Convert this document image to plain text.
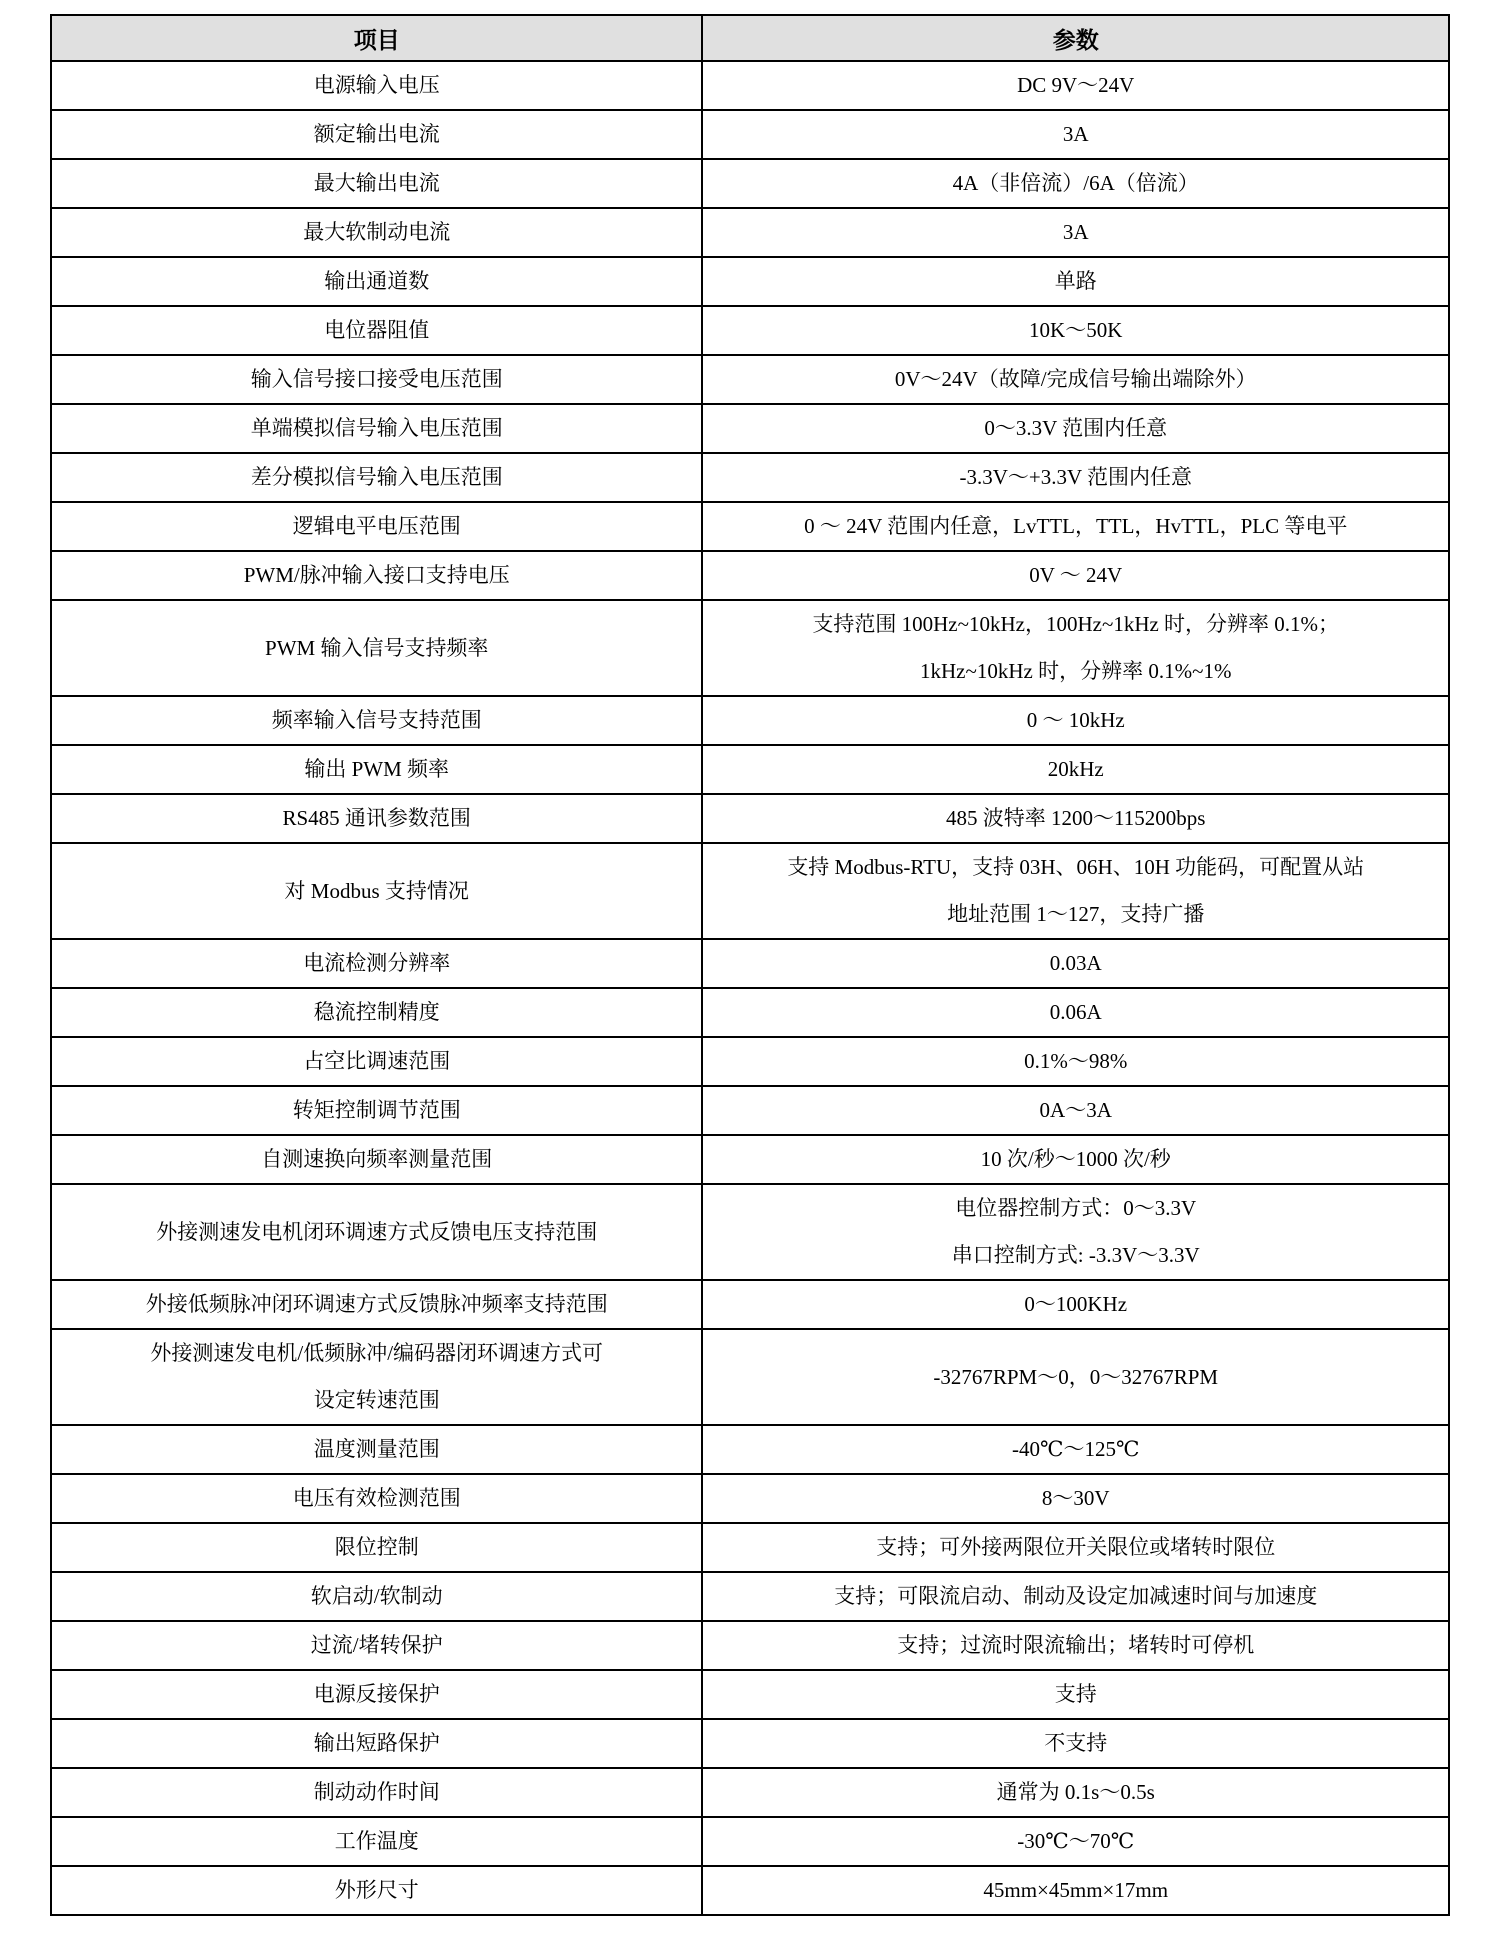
项目	参数

电源输入电压	DC 9V～24V

额定输出电流	3A

最大输出电流	4A（非倍流）/6A（倍流）

最大软制动电流	3A

输出通道数	单路

电位器阻值	10K～50K

输入信号接口接受电压范围	0V～24V（故障/完成信号输出端除外）

单端模拟信号输入电压范围	0～3.3V 范围内任意

差分模拟信号输入电压范围	-3.3V～+3.3V 范围内任意

逻辑电平电压范围	0 ～ 24V 范围内任意，LvTTL，TTL，HvTTL，PLC 等电平

PWM/脉冲输入接口支持电压	0V ～ 24V

PWM 输入信号支持频率	支持范围 100Hz~10kHz，100Hz~1kHz 时，分辨率 0.1%；
1kHz~10kHz 时，分辨率 0.1%~1%

频率输入信号支持范围	0 ～ 10kHz

输出 PWM 频率	20kHz

RS485 通讯参数范围	485 波特率 1200～115200bps

对 Modbus 支持情况	支持 Modbus-RTU，支持 03H、06H、10H 功能码，可配置从站
地址范围 1～127，支持广播

电流检测分辨率	0.03A

稳流控制精度	0.06A

占空比调速范围	0.1%～98%

转矩控制调节范围	0A～3A

自测速换向频率测量范围	10 次/秒～1000 次/秒

外接测速发电机闭环调速方式反馈电压支持范围	电位器控制方式：0～3.3V
串口控制方式: -3.3V～3.3V

外接低频脉冲闭环调速方式反馈脉冲频率支持范围	0～100KHz

外接测速发电机/低频脉冲/编码器闭环调速方式可
设定转速范围	-32767RPM～0，0～32767RPM

温度测量范围	-40℃～125℃

电压有效检测范围	8～30V

限位控制	支持；可外接两限位开关限位或堵转时限位

软启动/软制动	支持；可限流启动、制动及设定加减速时间与加速度

过流/堵转保护	支持；过流时限流输出；堵转时可停机

电源反接保护	支持

输出短路保护	不支持

制动动作时间	通常为 0.1s～0.5s

工作温度	-30℃～70℃

外形尺寸	45mm×45mm×17mm
